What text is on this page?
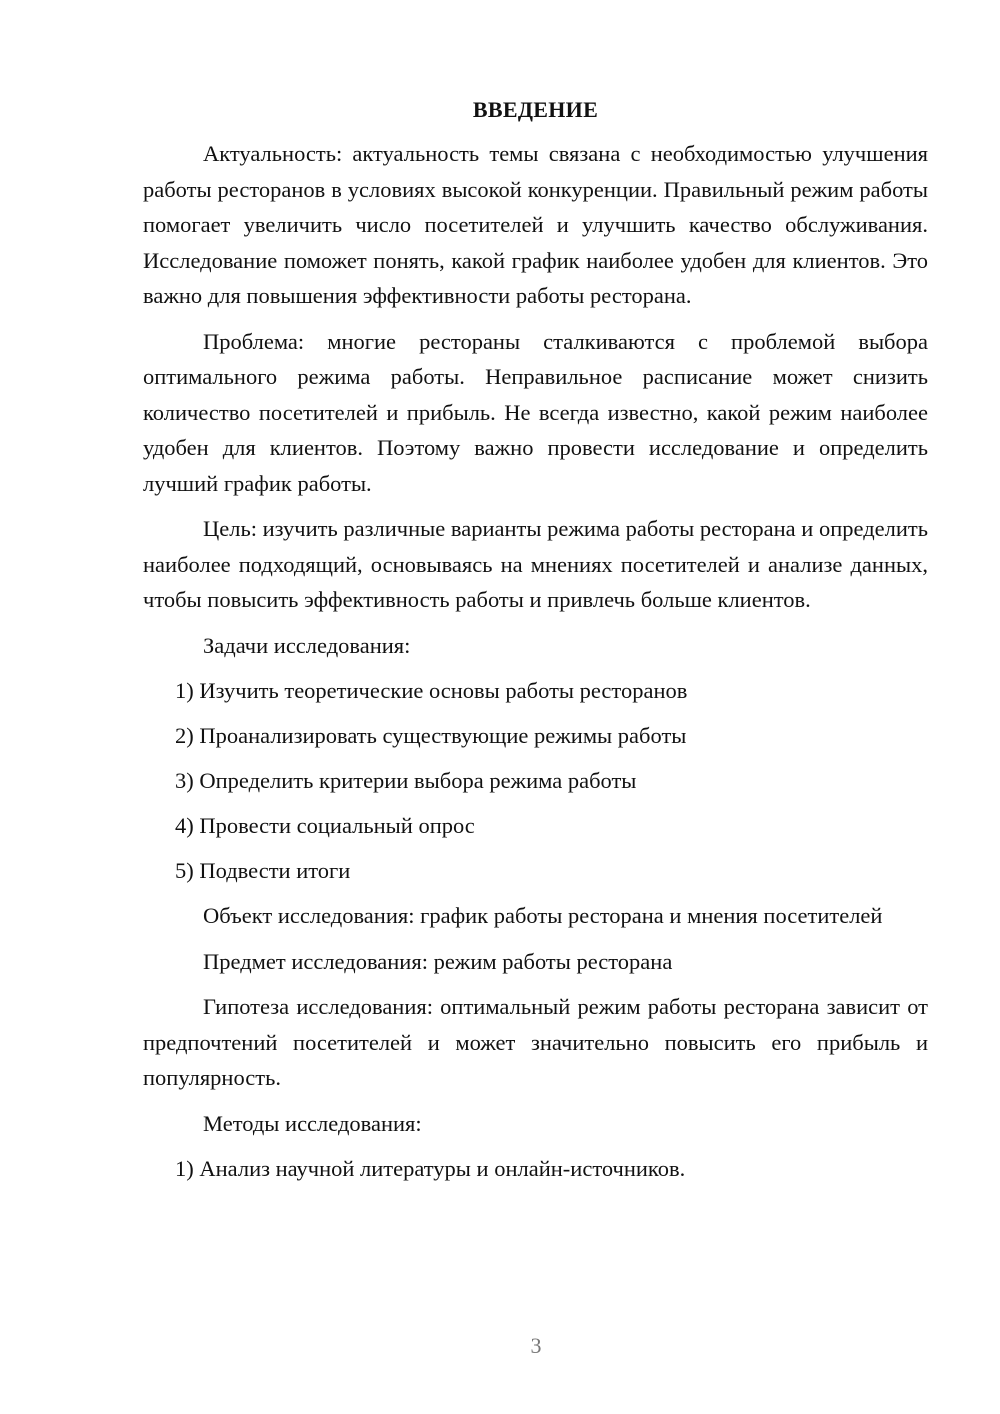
ВВЕДЕНИЕ

Актуальность: актуальность темы связана с необходимостью улучшения работы ресторанов в условиях высокой конкуренции. Правильный режим работы помогает увеличить число посетителей и улучшить качество обслуживания. Исследование поможет понять, какой график наиболее удобен для клиентов. Это важно для повышения эффективности работы ресторана.

Проблема: многие рестораны сталкиваются с проблемой выбора оптимального режима работы. Неправильное расписание может снизить количество посетителей и прибыль. Не всегда известно, какой режим наиболее удобен для клиентов. Поэтому важно провести исследование и определить лучший график работы.

Цель: изучить различные варианты режима работы ресторана и определить наиболее подходящий, основываясь на мнениях посетителей и анализе данных, чтобы повысить эффективность работы и привлечь больше клиентов.

Задачи исследования:

1) Изучить теоретические основы работы ресторанов
2) Проанализировать существующие режимы работы
3) Определить критерии выбора режима работы
4) Провести социальный опрос
5) Подвести итоги

Объект исследования: график работы ресторана и мнения посетителей

Предмет исследования: режим работы ресторана

Гипотеза исследования: оптимальный режим работы ресторана зависит от предпочтений посетителей и может значительно повысить его прибыль и популярность.

Методы исследования:

1) Анализ научной литературы и онлайн-источников.
3
